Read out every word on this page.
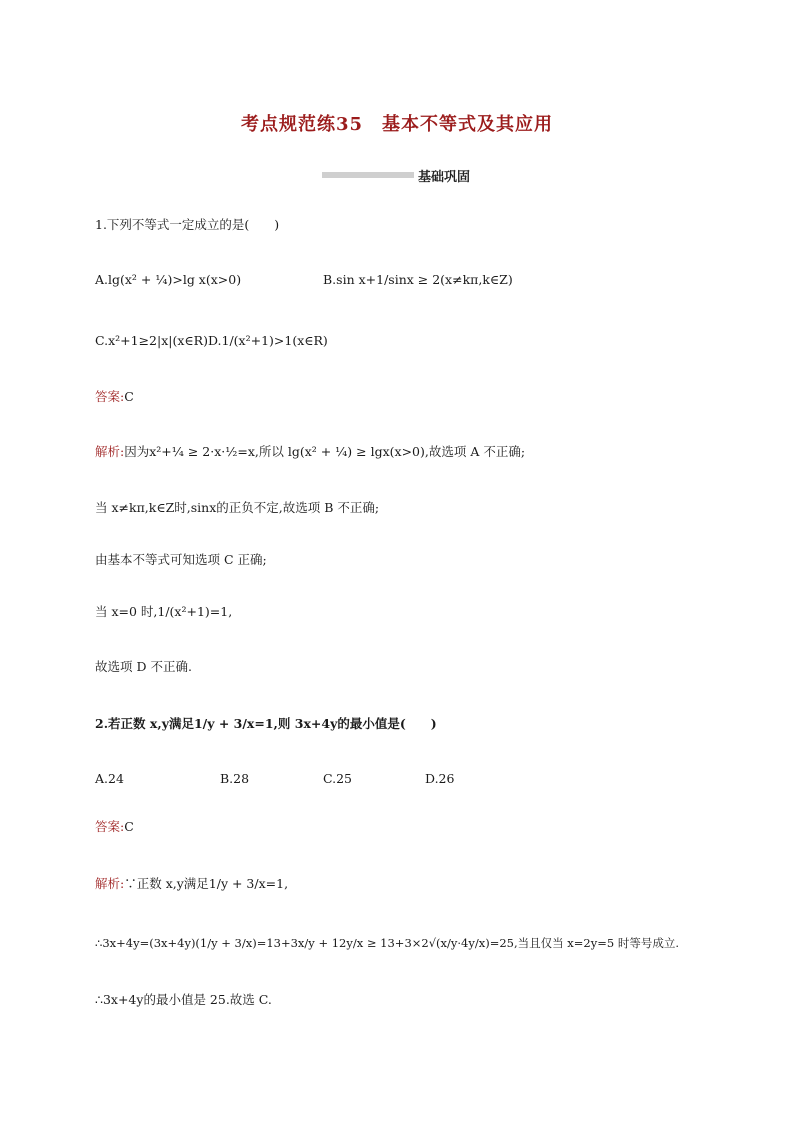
考点规范练35　基本不等式及其应用
基础巩固
1.下列不等式一定成立的是(　　)
A.lg(x² + ¼)>lg x(x>0)	B.sin x+1/sinx ≥ 2(x≠kπ,k∈Z)
C.x²+1≥2|x|(x∈R)D.1/(x²+1)>1(x∈R)
答案:C
解析:因为x²+¼ ≥ 2·x·½=x,所以 lg(x² + ¼) ≥ lgx(x>0),故选项 A 不正确;
当 x≠kπ,k∈Z时,sinx的正负不定,故选项 B 不正确;
由基本不等式可知选项 C 正确;
当 x=0 时,1/(x²+1)=1,
故选项 D 不正确.
2.若正数 x,y满足1/y + 3/x=1,则 3x+4y的最小值是(　　)
A.24	B.28	C.25	D.26
答案:C
解析:∵正数 x,y满足1/y + 3/x=1,
∴3x+4y=(3x+4y)(1/y + 3/x)=13+3x/y + 12y/x ≥ 13+3×2√(x/y·4y/x)=25,当且仅当 x=2y=5 时等号成立.
∴3x+4y的最小值是 25.故选 C.
